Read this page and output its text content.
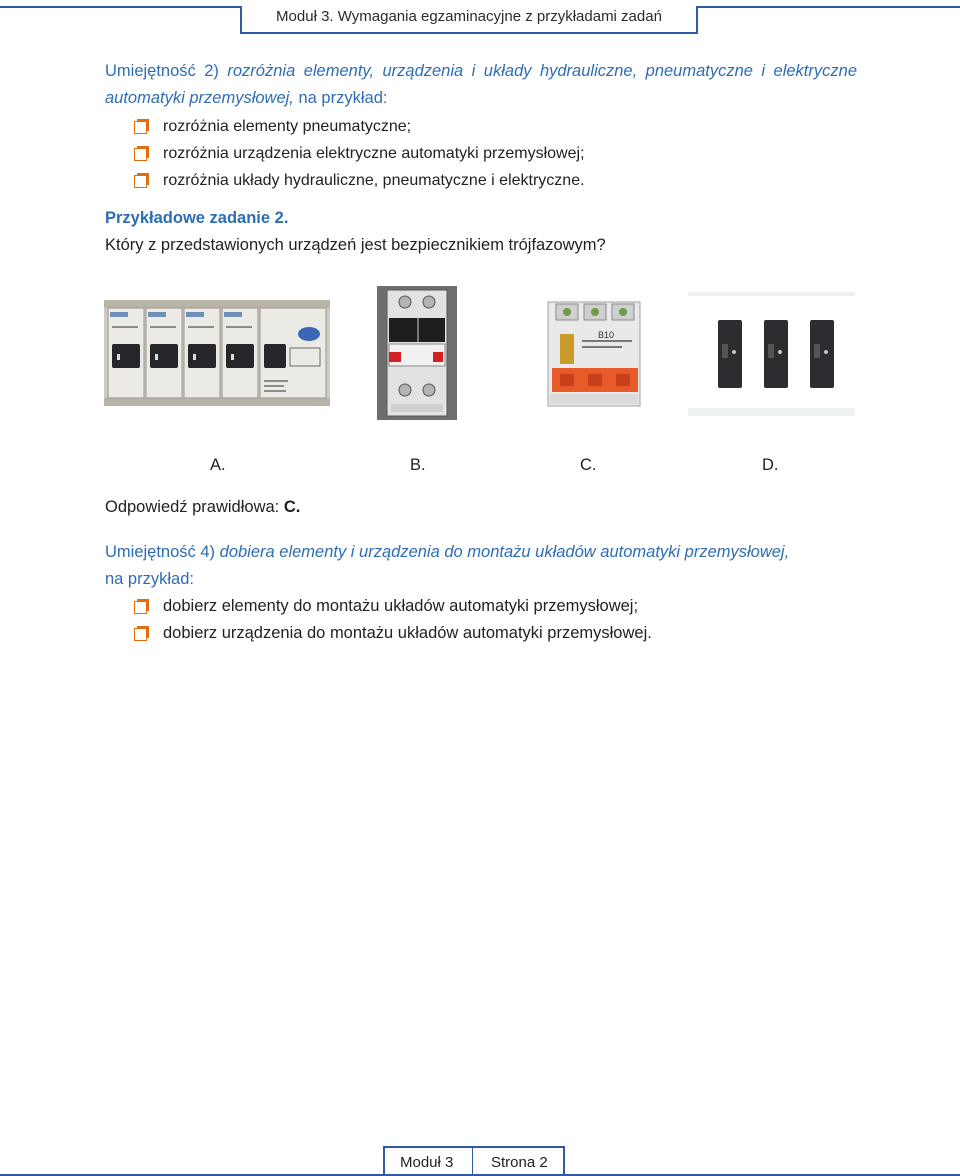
Moduł 3. Wymagania egzaminacyjne z przykładami zadań

Umiejętność 2) rozróżnia elementy, urządzenia i układy hydrauliczne, pneumatyczne i elektryczne automatyki przemysłowej, na przykład:

rozróżnia elementy pneumatyczne;
rozróżnia urządzenia elektryczne automatyki przemysłowej;
rozróżnia układy hydrauliczne, pneumatyczne i elektryczne.
Przykładowe zadanie 2.
Który z przedstawionych urządzeń jest bezpiecznikiem trójfazowym?
B10
A.	B.	C.	D.
Odpowiedź prawidłowa: C.

Umiejętność 4) dobiera elementy i urządzenia do montażu układów automatyki przemysłowej,
na przykład:

dobierz elementy do montażu układów automatyki przemysłowej;
dobierz urządzenia do montażu układów automatyki przemysłowej.
Moduł 3	Strona 2
